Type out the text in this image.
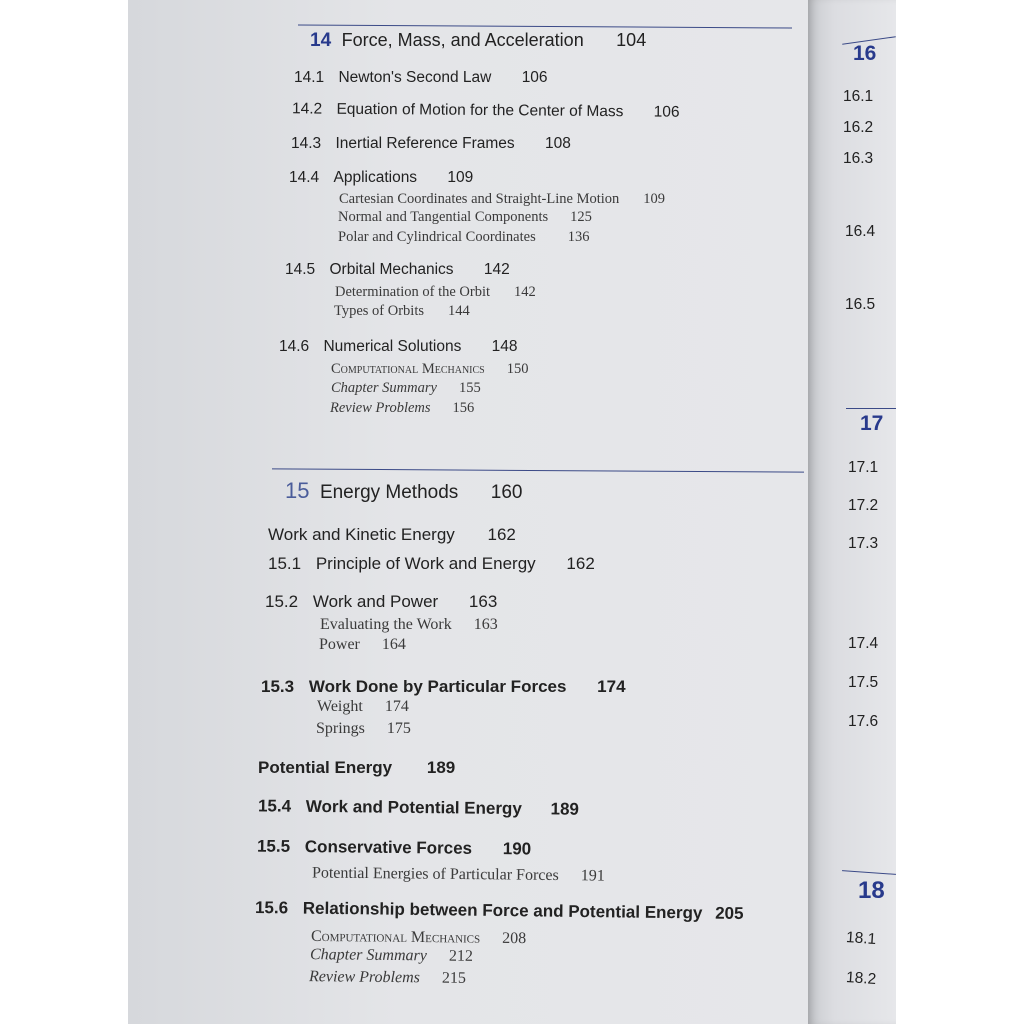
14 Force, Mass, and Acceleration 104
14.1 Newton's Second Law 106
14.2 Equation of Motion for the Center of Mass 106
14.3 Inertial Reference Frames 108
14.4 Applications 109
Cartesian Coordinates and Straight-Line Motion 109
Normal and Tangential Components 125
Polar and Cylindrical Coordinates 136
14.5 Orbital Mechanics 142
Determination of the Orbit 142
Types of Orbits 144
14.6 Numerical Solutions 148
Computational Mechanics 150
Chapter Summary 155
Review Problems 156
15 Energy Methods 160
Work and Kinetic Energy 162
15.1 Principle of Work and Energy 162
15.2 Work and Power 163
Evaluating the Work 163
Power 164
15.3 Work Done by Particular Forces 174
Weight 174
Springs 175
Potential Energy 189
15.4 Work and Potential Energy 189
15.5 Conservative Forces 190
Potential Energies of Particular Forces 191
15.6 Relationship between Force and Potential Energy 205
Computational Mechanics 208
Chapter Summary 212
Review Problems 215
16
16.1
16.2
16.3
16.4
16.5
17
17.1
17.2
17.3
17.4
17.5
17.6
18
18.1
18.2
